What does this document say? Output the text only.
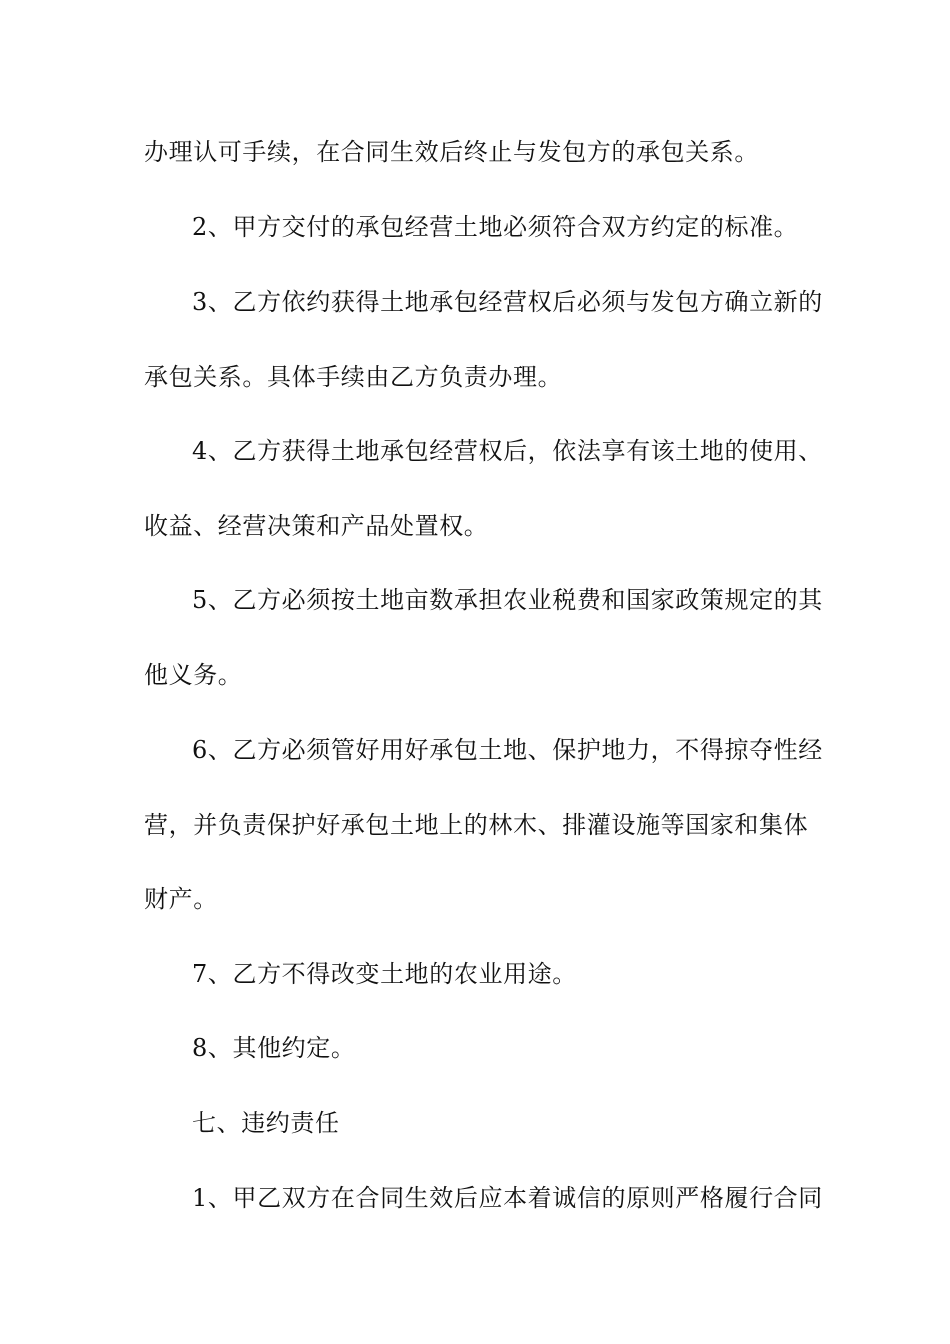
办理认可手续，在合同生效后终止与发包方的承包关系。
2、甲方交付的承包经营土地必须符合双方约定的标准。
3、乙方依约获得土地承包经营权后必须与发包方确立新的
承包关系。具体手续由乙方负责办理。
4、乙方获得土地承包经营权后，依法享有该土地的使用、
收益、经营决策和产品处置权。
5、乙方必须按土地亩数承担农业税费和国家政策规定的其
他义务。
6、乙方必须管好用好承包土地、保护地力，不得掠夺性经
营，并负责保护好承包土地上的林木、排灌设施等国家和集体
财产。
7、乙方不得改变土地的农业用途。
8、其他约定。
七、违约责任
1、甲乙双方在合同生效后应本着诚信的原则严格履行合同
